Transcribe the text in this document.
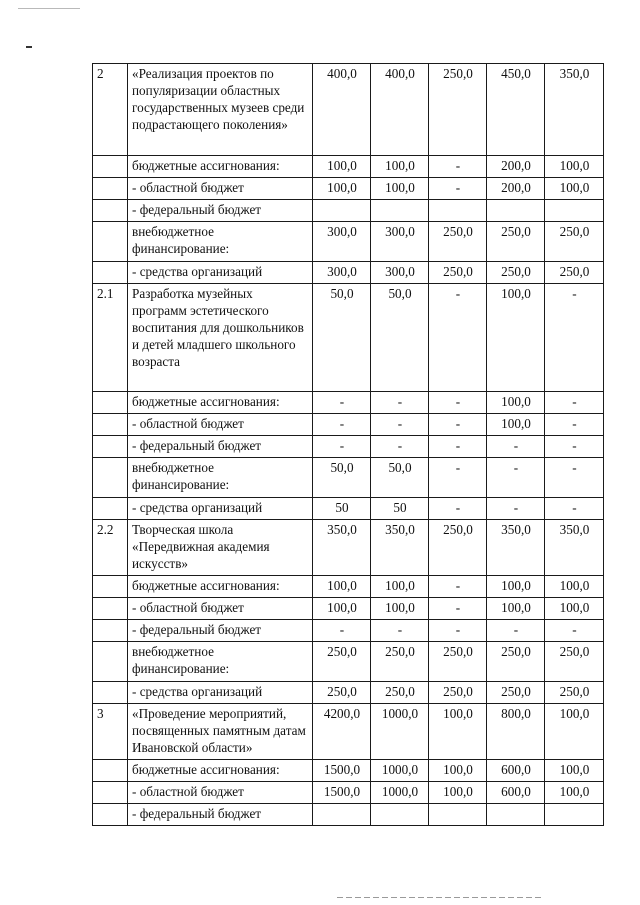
2	«Реализация проектов по популяризации областных государственных музеев среди подрастающего поколения»	400,0	400,0	250,0	450,0	350,0
	бюджетные ассигнования:	100,0	100,0	-	200,0	100,0
	- областной бюджет	100,0	100,0	-	200,0	100,0
	- федеральный бюджет					
	внебюджетное финансирование:	300,0	300,0	250,0	250,0	250,0
	- средства организаций	300,0	300,0	250,0	250,0	250,0
2.1	Разработка музейных программ эстетического воспитания для дошкольников и детей младшего школьного возраста	50,0	50,0	-	100,0	-
	бюджетные ассигнования:	-	-	-	100,0	-
	- областной бюджет	-	-	-	100,0	-
	- федеральный бюджет	-	-	-	-	-
	внебюджетное финансирование:	50,0	50,0	-	-	-
	- средства организаций	50	50	-	-	-
2.2	Творческая школа «Передвижная академия искусств»	350,0	350,0	250,0	350,0	350,0
	бюджетные ассигнования:	100,0	100,0	-	100,0	100,0
	- областной бюджет	100,0	100,0	-	100,0	100,0
	- федеральный бюджет	-	-	-	-	-
	внебюджетное финансирование:	250,0	250,0	250,0	250,0	250,0
	- средства организаций	250,0	250,0	250,0	250,0	250,0
3	«Проведение мероприятий, посвященных памятным датам Ивановской области»	4200,0	1000,0	100,0	800,0	100,0
	бюджетные ассигнования:	1500,0	1000,0	100,0	600,0	100,0
	- областной бюджет	1500,0	1000,0	100,0	600,0	100,0
	- федеральный бюджет					
